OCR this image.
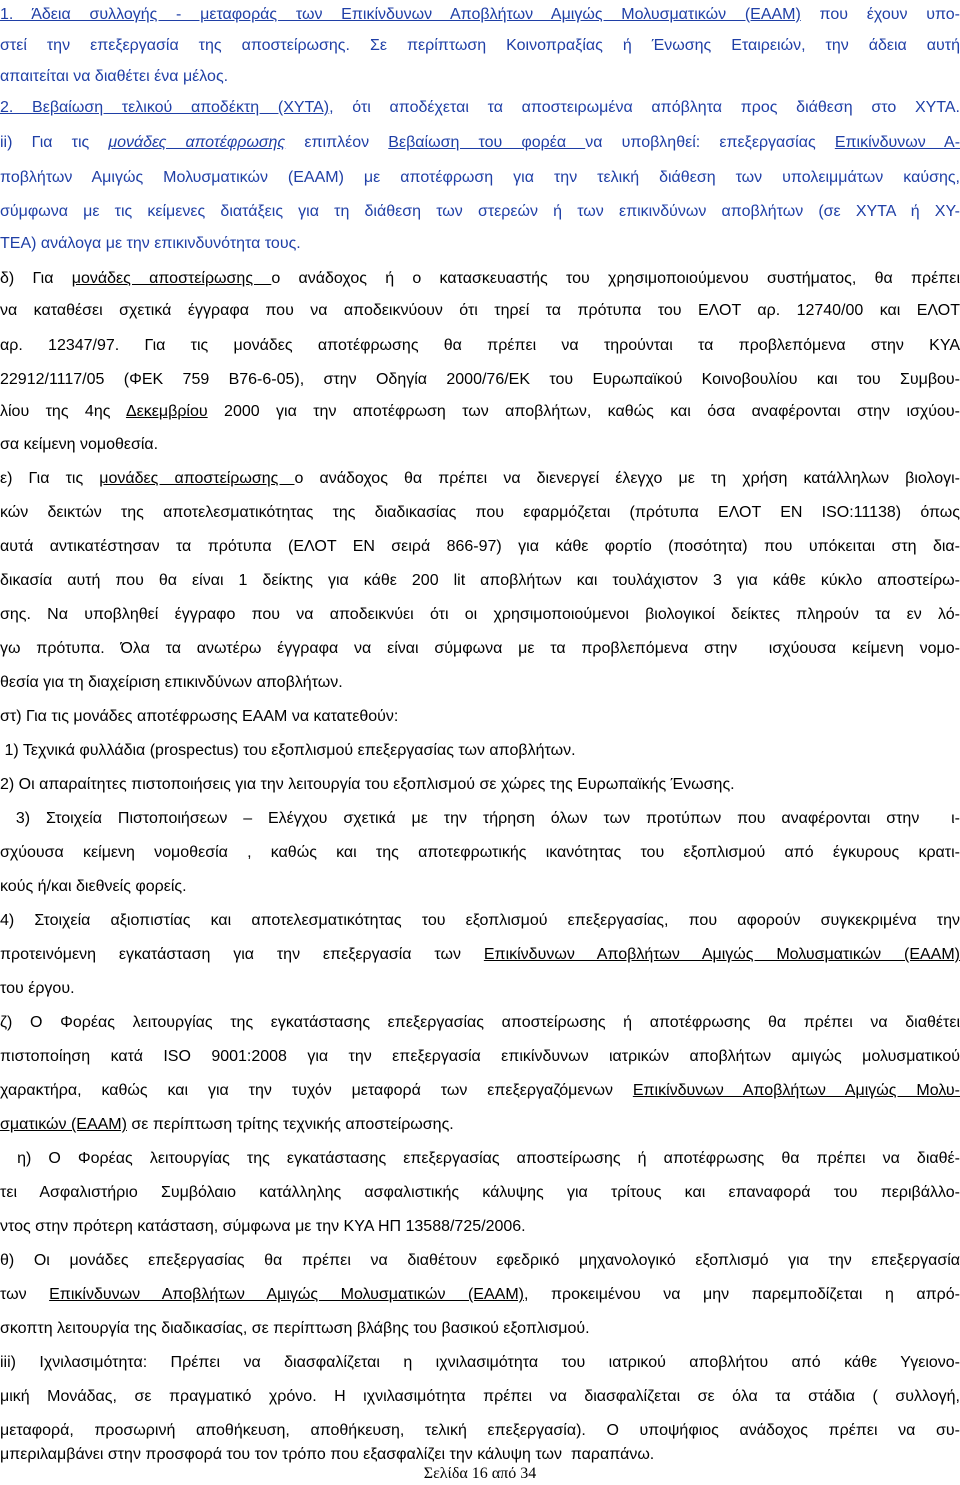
1. Άδεια συλλογής - μεταφοράς των Επικίνδυνων Αποβλήτων Αμιγώς Μολυσματικών (ΕΑΑΜ) που έχουν υπο-
στεί την επεξεργασία της αποστείρωσης. Σε περίπτωση Κοινοπραξίας ή Ένωσης Εταιρειών, την άδεια αυτή
απαιτείται να διαθέτει ένα μέλος.
2. Βεβαίωση τελικού αποδέκτη (ΧΥΤΑ), ότι αποδέχεται τα αποστειρωμένα απόβλητα προς διάθεση στο ΧΥΤΑ.
ii) Για τις μονάδες αποτέφρωσης επιπλέον Βεβαίωση του φορέα να υποβληθεί: επεξεργασίας Επικίνδυνων Α-
ποβλήτων Αμιγώς Μολυσματικών (ΕΑΑΜ) με αποτέφρωση για την τελική διάθεση των υπολειμμάτων καύσης,
σύμφωνα με τις κείμενες διατάξεις για τη διάθεση των στερεών ή των επικινδύνων αποβλήτων (σε ΧΥΤΑ ή ΧΥ-
ΤΕΑ) ανάλογα με την επικινδυνότητα τους.
δ) Για μονάδες αποστείρωσης ο ανάδοχος ή ο κατασκευαστής του χρησιμοποιούμενου συστήματος, θα πρέπει
να καταθέσει σχετικά έγγραφα που να αποδεικνύουν ότι τηρεί τα πρότυπα του ΕΛΟΤ αρ. 12740/00 και ΕΛΟΤ
αρ. 12347/97. Για τις μονάδες αποτέφρωσης θα πρέπει να τηρούνται τα προβλεπόμενα στην ΚΥΑ
22912/1117/05 (ΦΕΚ 759 Β76-6-05), στην Οδηγία 2000/76/ΕΚ του Ευρωπαϊκού Κοινοβουλίου και του Συμβου-
λίου της 4ης Δεκεμβρίου 2000 για την αποτέφρωση των αποβλήτων, καθώς και όσα αναφέρονται στην ισχύου-
σα κείμενη νομοθεσία.
ε) Για τις μονάδες αποστείρωσης ο ανάδοχος θα πρέπει να διενεργεί έλεγχο με τη χρήση κατάλληλων βιολογι-
κών δεικτών της αποτελεσματικότητας της διαδικασίας που εφαρμόζεται (πρότυπα ΕΛΟΤ ΕΝ ISO:11138) όπως
αυτά αντικατέστησαν τα πρότυπα (ΕΛΟΤ ΕΝ σειρά 866-97) για κάθε φορτίο (ποσότητα) που υπόκειται στη δια-
δικασία αυτή που θα είναι 1 δείκτης για κάθε 200 lit αποβλήτων και τουλάχιστον 3 για κάθε κύκλο αποστείρω-
σης. Να υποβληθεί έγγραφο που να αποδεικνύει ότι οι χρησιμοποιούμενοι βιολογικοί δείκτες πληρούν τα εν λό-
γω πρότυπα. Όλα τα ανωτέρω έγγραφα να είναι σύμφωνα με τα προβλεπόμενα στην  ισχύουσα κείμενη νομο-
θεσία για τη διαχείριση επικινδύνων αποβλήτων.
στ) Για τις μονάδες αποτέφρωσης ΕΑΑΜ να κατατεθούν:
1) Τεχνικά φυλλάδια (prospectus) του εξοπλισμού επεξεργασίας των αποβλήτων.
2) Οι απαραίτητες πιστοποιήσεις για την λειτουργία του εξοπλισμού σε χώρες της Ευρωπαϊκής Ένωσης.
3) Στοιχεία Πιστοποιήσεων – Ελέγχου σχετικά με την τήρηση όλων των προτύπων που αναφέρονται στην  ι-
σχύουσα κείμενη νομοθεσία , καθώς και της αποτεφρωτικής ικανότητας του εξοπλισμού από έγκυρους κρατι-
κούς ή/και διεθνείς φορείς.
4) Στοιχεία αξιοπιστίας και αποτελεσματικότητας του εξοπλισμού επεξεργασίας, που αφορούν συγκεκριμένα την
προτεινόμενη εγκατάσταση για την επεξεργασία των Επικίνδυνων Αποβλήτων Αμιγώς Μολυσματικών (ΕΑΑΜ)
του έργου.
ζ) Ο Φορέας λειτουργίας της εγκατάστασης επεξεργασίας αποστείρωσης ή αποτέφρωσης θα πρέπει να διαθέτει
πιστοποίηση κατά ISO 9001:2008 για την επεξεργασία επικίνδυνων ιατρικών αποβλήτων αμιγώς μολυσματικού
χαρακτήρα, καθώς και για την τυχόν μεταφορά των επεξεργαζόμενων Επικίνδυνων Αποβλήτων Αμιγώς Μολυ-
σματικών (ΕΑΑΜ) σε περίπτωση τρίτης τεχνικής αποστείρωσης.
η) Ο Φορέας λειτουργίας της εγκατάστασης επεξεργασίας αποστείρωσης ή αποτέφρωσης θα πρέπει να διαθέ-
τει Ασφαλιστήριο Συμβόλαιο κατάλληλης ασφαλιστικής κάλυψης για τρίτους και επαναφορά του περιβάλλο-
ντος στην πρότερη κατάσταση, σύμφωνα με την ΚΥΑ ΗΠ 13588/725/2006.
θ) Οι μονάδες επεξεργασίας θα πρέπει να διαθέτουν εφεδρικό μηχανολογικό εξοπλισμό για την επεξεργασία
των Επικίνδυνων Αποβλήτων Αμιγώς Μολυσματικών (ΕΑΑΜ), προκειμένου να μην παρεμποδίζεται η απρό-
σκοπτη λειτουργία της διαδικασίας, σε περίπτωση βλάβης του βασικού εξοπλισμού.
iii) Ιχνιλασιμότητα: Πρέπει να διασφαλίζεται η ιχνιλασιμότητα του ιατρικού αποβλήτου από κάθε Υγειονο-
μική Μονάδας, σε πραγματικό χρόνο. Η ιχνιλασιμότητα πρέπει να διασφαλίζεται σε όλα τα στάδια ( συλλογή,
μεταφορά, προσωρινή αποθήκευση, αποθήκευση, τελική επεξεργασία). Ο υποψήφιος ανάδοχος πρέπει να συ-
μπεριλαμβάνει στην προσφορά του τον τρόπο που εξασφαλίζει την κάλυψη των  παραπάνω.
Σελίδα 16 από 34
